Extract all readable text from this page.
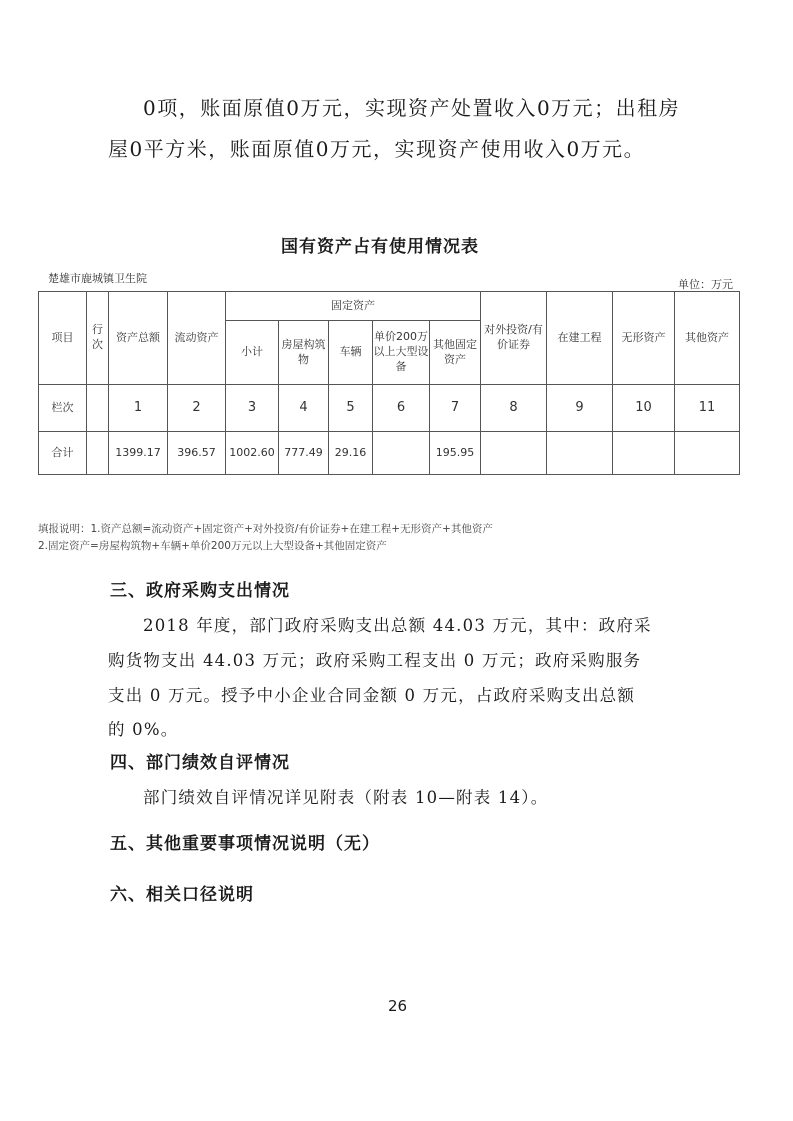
0项，账面原值0万元，实现资产处置收入0万元；出租房

屋0平方米，账面原值0万元，实现资产使用收入0万元。

国有资产占有使用情况表

楚雄市鹿城镇卫生院	单位：万元

项目	行次	资产总额	流动资产	固定资产					对外投资/有价证券	在建工程	无形资产	其他资产
				小计	房屋构筑物	车辆	单价200万以上大型设备	其他固定资产				
栏次		1	2	3	4	5	6	7	8	9	10	11
合计		1399.17	396.57	1002.60	777.49	29.16		195.95				

填报说明：1.资产总额=流动资产+固定资产+对外投资/有价证券+在建工程+无形资产+其他资产

2.固定资产=房屋构筑物+车辆+单价200万元以上大型设备+其他固定资产

三、政府采购支出情况

2018 年度，部门政府采购支出总额 44.03 万元，其中：政府采

购货物支出 44.03 万元；政府采购工程支出 0 万元；政府采购服务

支出 0 万元。授予中小企业合同金额 0 万元，占政府采购支出总额

的 0%。

四、部门绩效自评情况

部门绩效自评情况详见附表（附表 10—附表 14）。

五、其他重要事项情况说明（无）

六、相关口径说明

26
